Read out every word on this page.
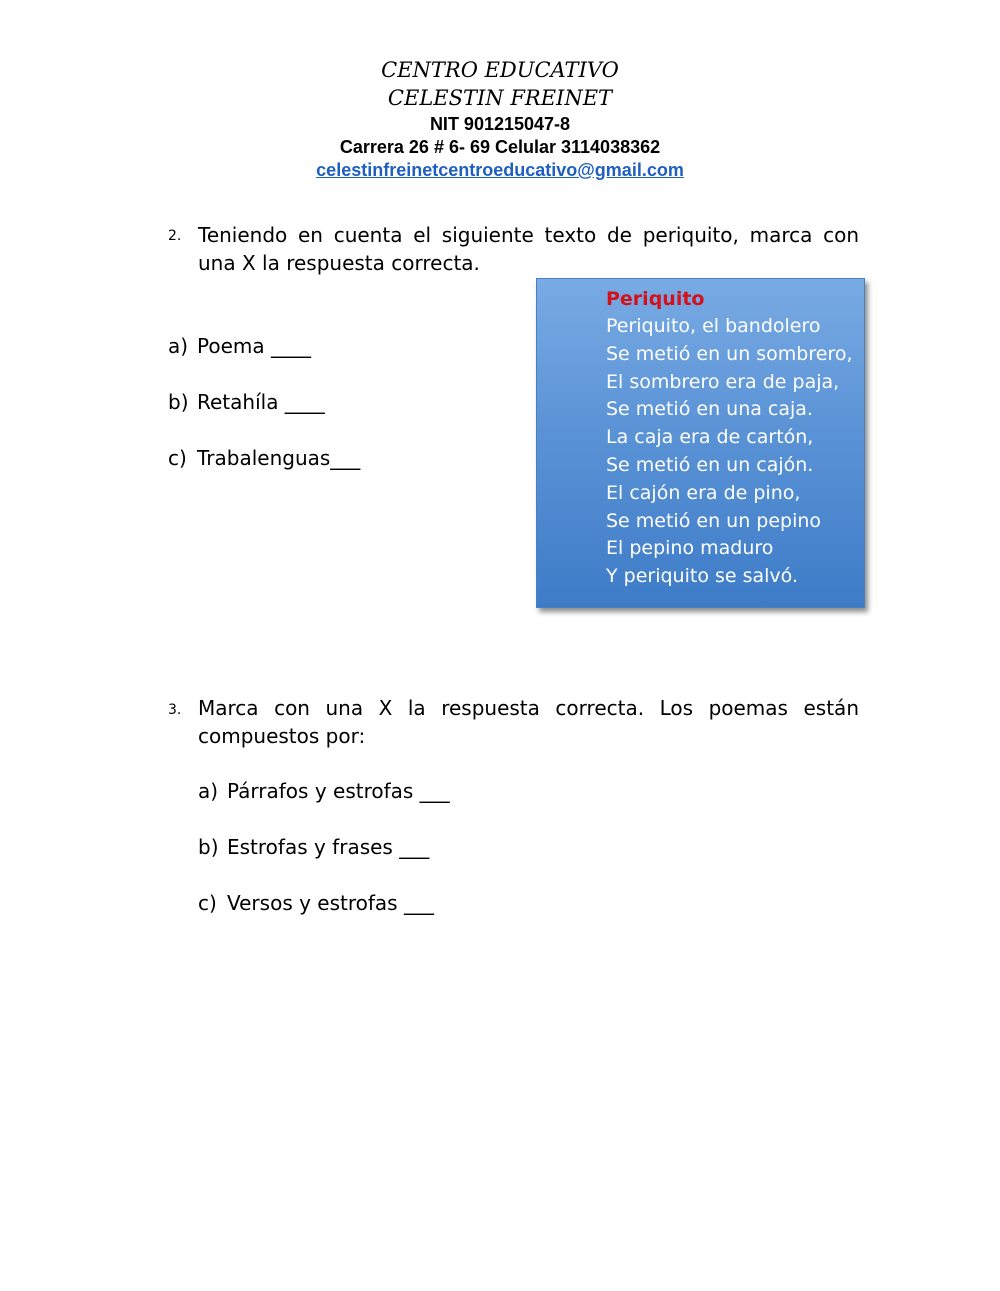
CENTRO EDUCATIVO
CELESTIN FREINET
NIT 901215047-8
Carrera 26 # 6- 69 Celular 3114038362
celestinfreinetcentroeducativo@gmail.com
2. Teniendo en cuenta el siguiente texto de periquito, marca con una X la respuesta correcta.
a) Poema ____
b) Retahíla ____
c) Trabalenguas___
Periquito
Periquito, el bandolero
Se metió en un sombrero,
El sombrero era de paja,
Se metió en una caja.
La caja era de cartón,
Se metió en un cajón.
El cajón era de pino,
Se metió en un pepino
El pepino maduro
Y periquito se salvó.
3. Marca con una X la respuesta correcta. Los poemas están compuestos por:
a) Párrafos y estrofas ___
b) Estrofas y frases ___
c) Versos y estrofas ___
